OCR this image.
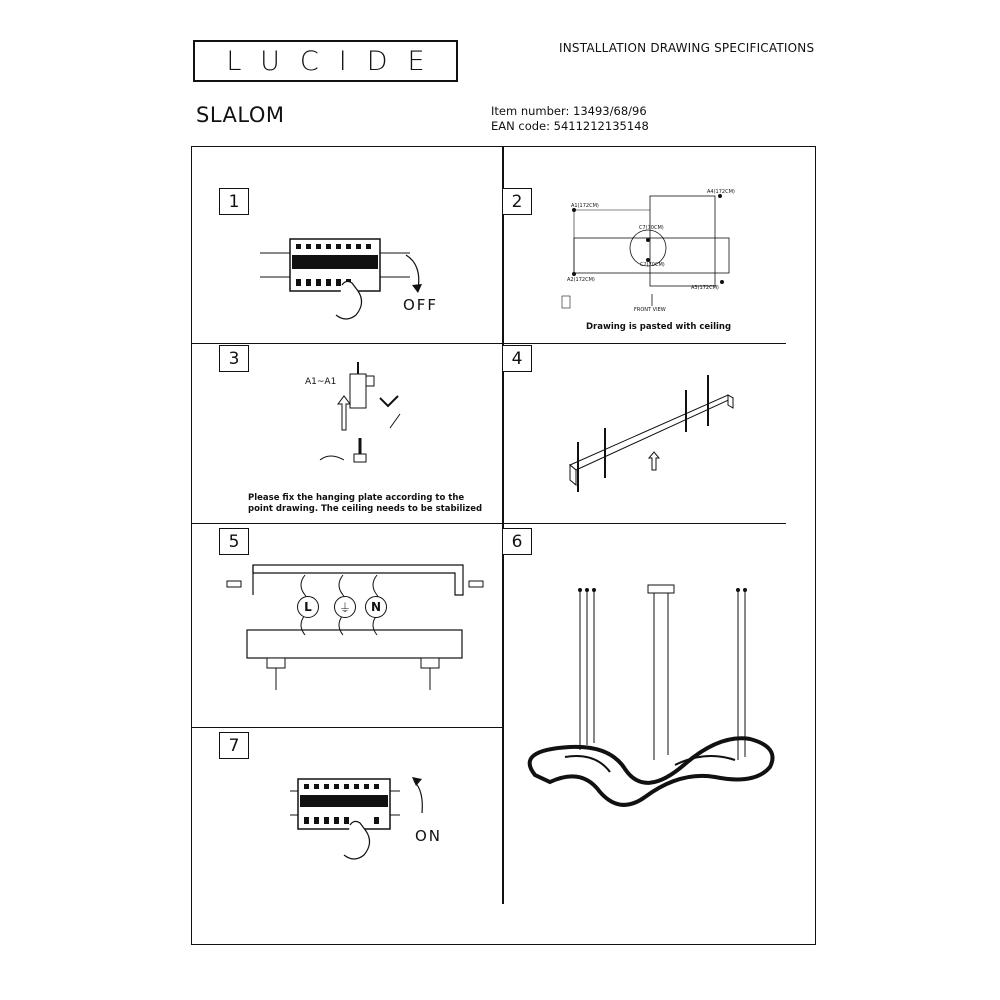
LUCIDE	INSTALLATION DRAWING SPECIFICATIONS
SLALOM	Item number: 13493/68/96
EAN code: 5411212135148
1	2
3	4
5	6
7
OFF
A1(172CM)
A4(172CM)
C7(70CM)
C2(70CM)
A2(172CM)
A3(172CM)
FRONT VIEW
Drawing is pasted with ceiling
A1~A1
Please fix the hanging plate according to the
point drawing. The ceiling needs to be stabilized
L	⏚	N
ON
